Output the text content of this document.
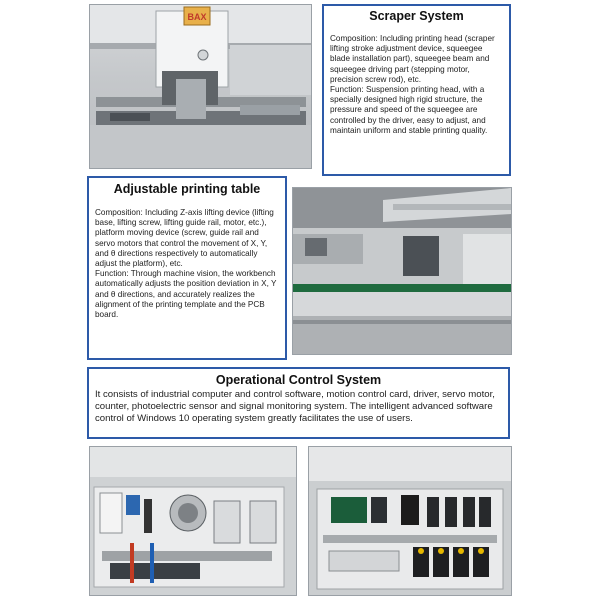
BAX	Scraper System

Composition: Including printing head (scraper lifting stroke adjustment device, squeegee blade installation part), squeegee beam and squeegee driving part (stepping motor, precision screw rod), etc.
Function: Suspension printing head, with a specially designed high rigid structure, the pressure and speed of the squeegee are controlled by the driver, easy to adjust, and maintain uniform and stable printing quality.

Adjustable printing table

Composition: Including Z-axis lifting device (lifting base, lifting screw, lifting guide rail, motor, etc.), platform moving device (screw, guide rail and servo motors that control the movement of X, Y, and θ directions respectively to automatically adjust the platform), etc.
Function: Through machine vision, the workbench automatically adjusts the position deviation in X, Y and θ directions, and accurately realizes the alignment of the printing template and the PCB board.

Operational Control System

It consists of industrial computer and control software, motion control card, driver, servo motor, counter, photoelectric sensor and signal monitoring system. The intelligent advanced software control of Windows 10 operating system greatly facilitates the use of users.
